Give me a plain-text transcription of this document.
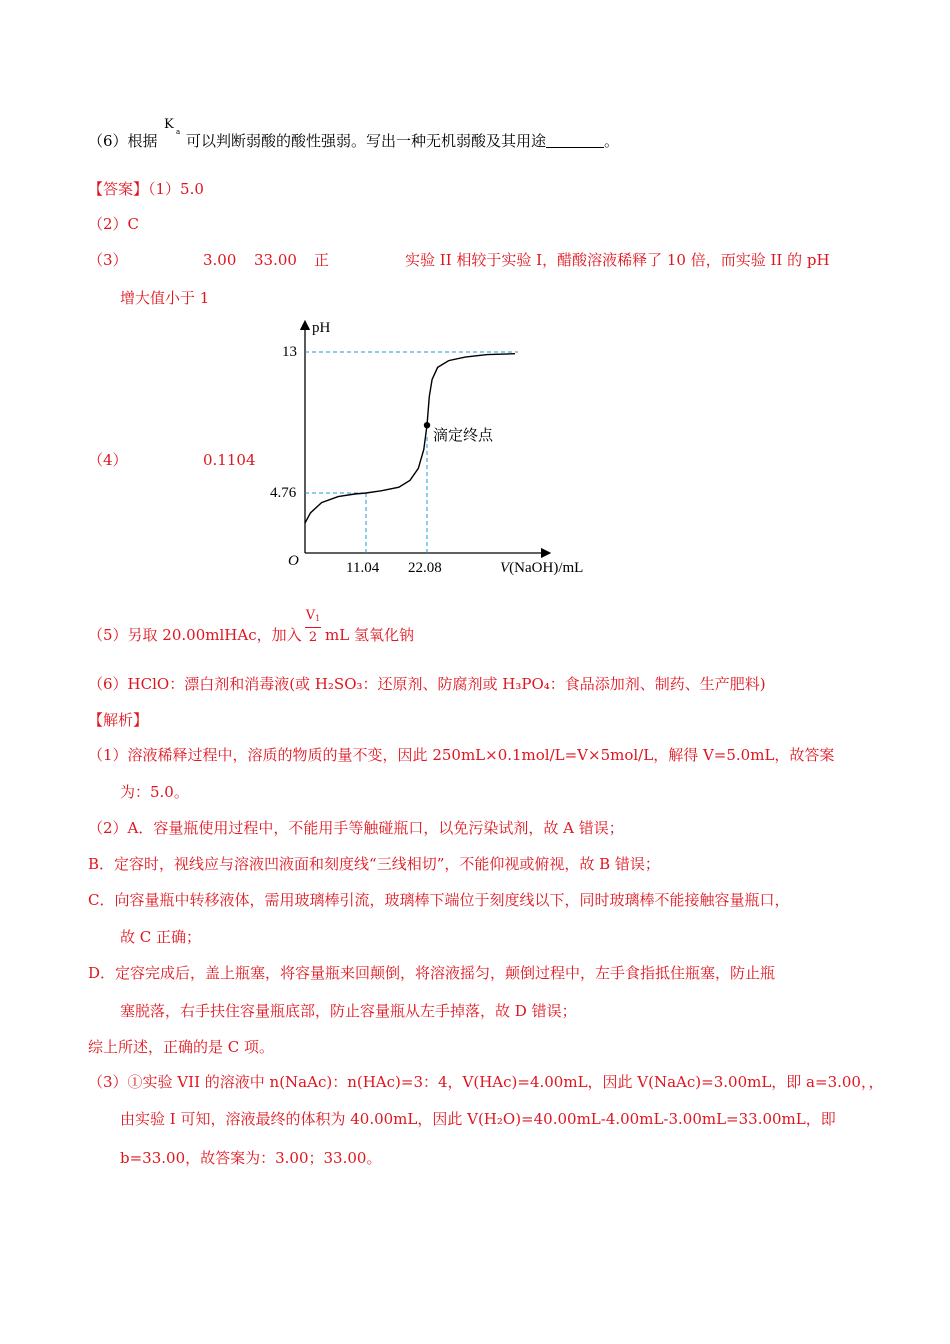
（6）根据
K a 可以判断弱酸的酸性强弱。写出一种无机弱酸及其用途	。
【答案】（1）5.0
（2）C
（3）	3.00 33.00 正	实验 II 相较于实验 I，醋酸溶液稀释了 10 倍，而实验 II 的 pH
增大值小于 1
pH
V(NaOH)/mL
O
13
4.76
11.04 22.08
滴定终点
（4）	0.1104
（5）另取 20.00mlHAc，加入
V1
2 mL 氢氧化钠
（6）HClO：漂白剂和消毒液(或 H₂SO₃：还原剂、防腐剂或 H₃PO₄：食品添加剂、制药、生产肥料)
【解析】
（1）溶液稀释过程中，溶质的物质的量不变，因此 250mL×0.1mol/L=V×5mol/L，解得 V=5.0mL，故答案
为：5.0。
（2）A．容量瓶使用过程中，不能用手等触碰瓶口，以免污染试剂，故 A 错误；
B．定容时，视线应与溶液凹液面和刻度线“三线相切”，不能仰视或俯视，故 B 错误；
C．向容量瓶中转移液体，需用玻璃棒引流，玻璃棒下端位于刻度线以下，同时玻璃棒不能接触容量瓶口，
故 C 正确；
D．定容完成后，盖上瓶塞，将容量瓶来回颠倒，将溶液摇匀，颠倒过程中，左手食指抵住瓶塞，防止瓶
塞脱落，右手扶住容量瓶底部，防止容量瓶从左手掉落，故 D 错误；
综上所述，正确的是 C 项。
（3）①实验 VII 的溶液中 n(NaAc)：n(HAc)=3：4，V(HAc)=4.00mL，因此 V(NaAc)=3.00mL，即 a=3.00，，
由实验 I 可知，溶液最终的体积为 40.00mL，因此 V(H₂O)=40.00mL-4.00mL-3.00mL=33.00mL，即
b=33.00，故答案为：3.00；33.00。
